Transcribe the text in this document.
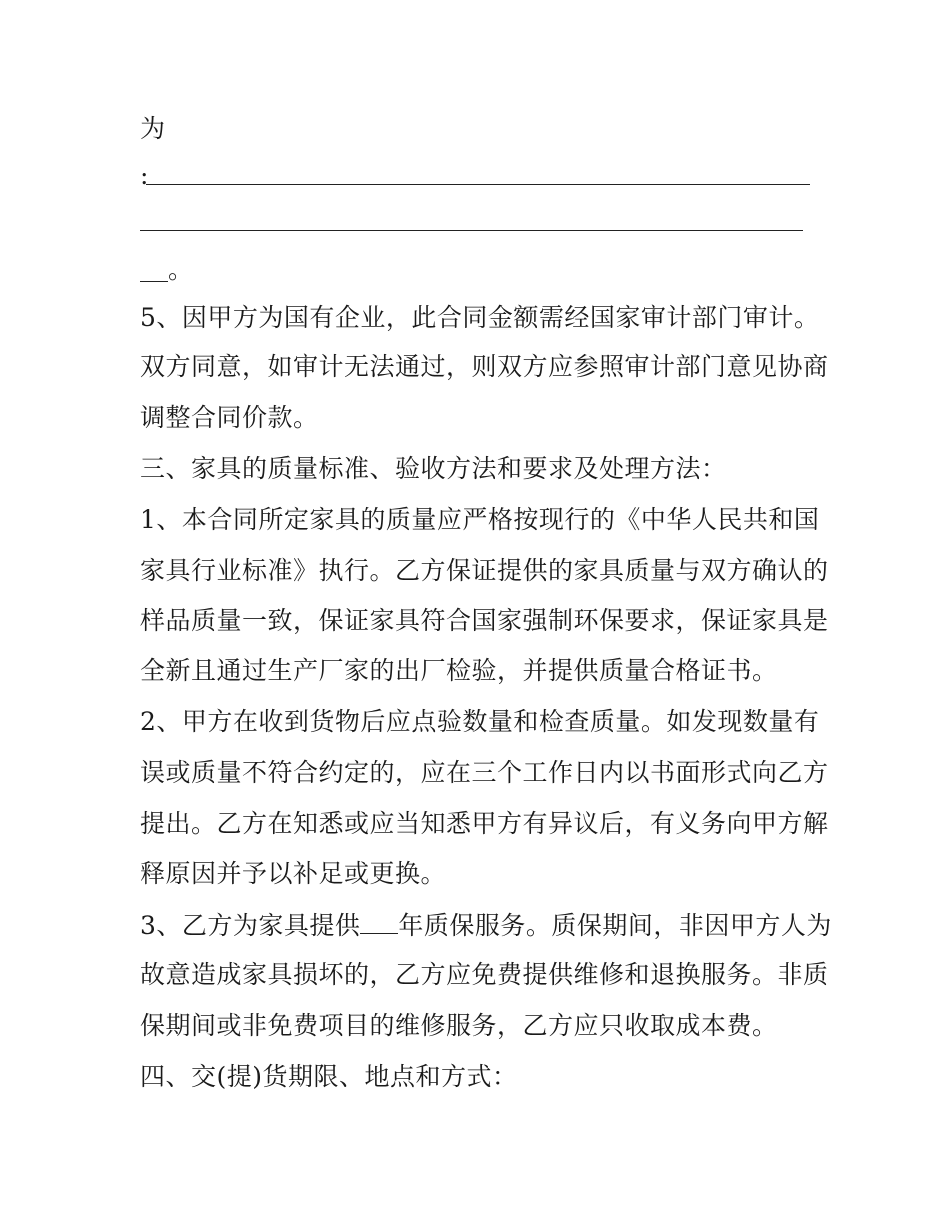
为
:
。
5、因甲方为国有企业，此合同金额需经国家审计部门审计。
双方同意，如审计无法通过，则双方应参照审计部门意见协商
调整合同价款。
三、家具的质量标准、验收方法和要求及处理方法：
1、本合同所定家具的质量应严格按现行的《中华人民共和国
家具行业标准》执行。乙方保证提供的家具质量与双方确认的
样品质量一致，保证家具符合国家强制环保要求，保证家具是
全新且通过生产厂家的出厂检验，并提供质量合格证书。
2、甲方在收到货物后应点验数量和检查质量。如发现数量有
误或质量不符合约定的，应在三个工作日内以书面形式向乙方
提出。乙方在知悉或应当知悉甲方有异议后，有义务向甲方解
释原因并予以补足或更换。
3、乙方为家具提供 年质保服务。质保期间，非因甲方人为
故意造成家具损坏的，乙方应免费提供维修和退换服务。非质
保期间或非免费项目的维修服务，乙方应只收取成本费。
四、交(提)货期限、地点和方式：
